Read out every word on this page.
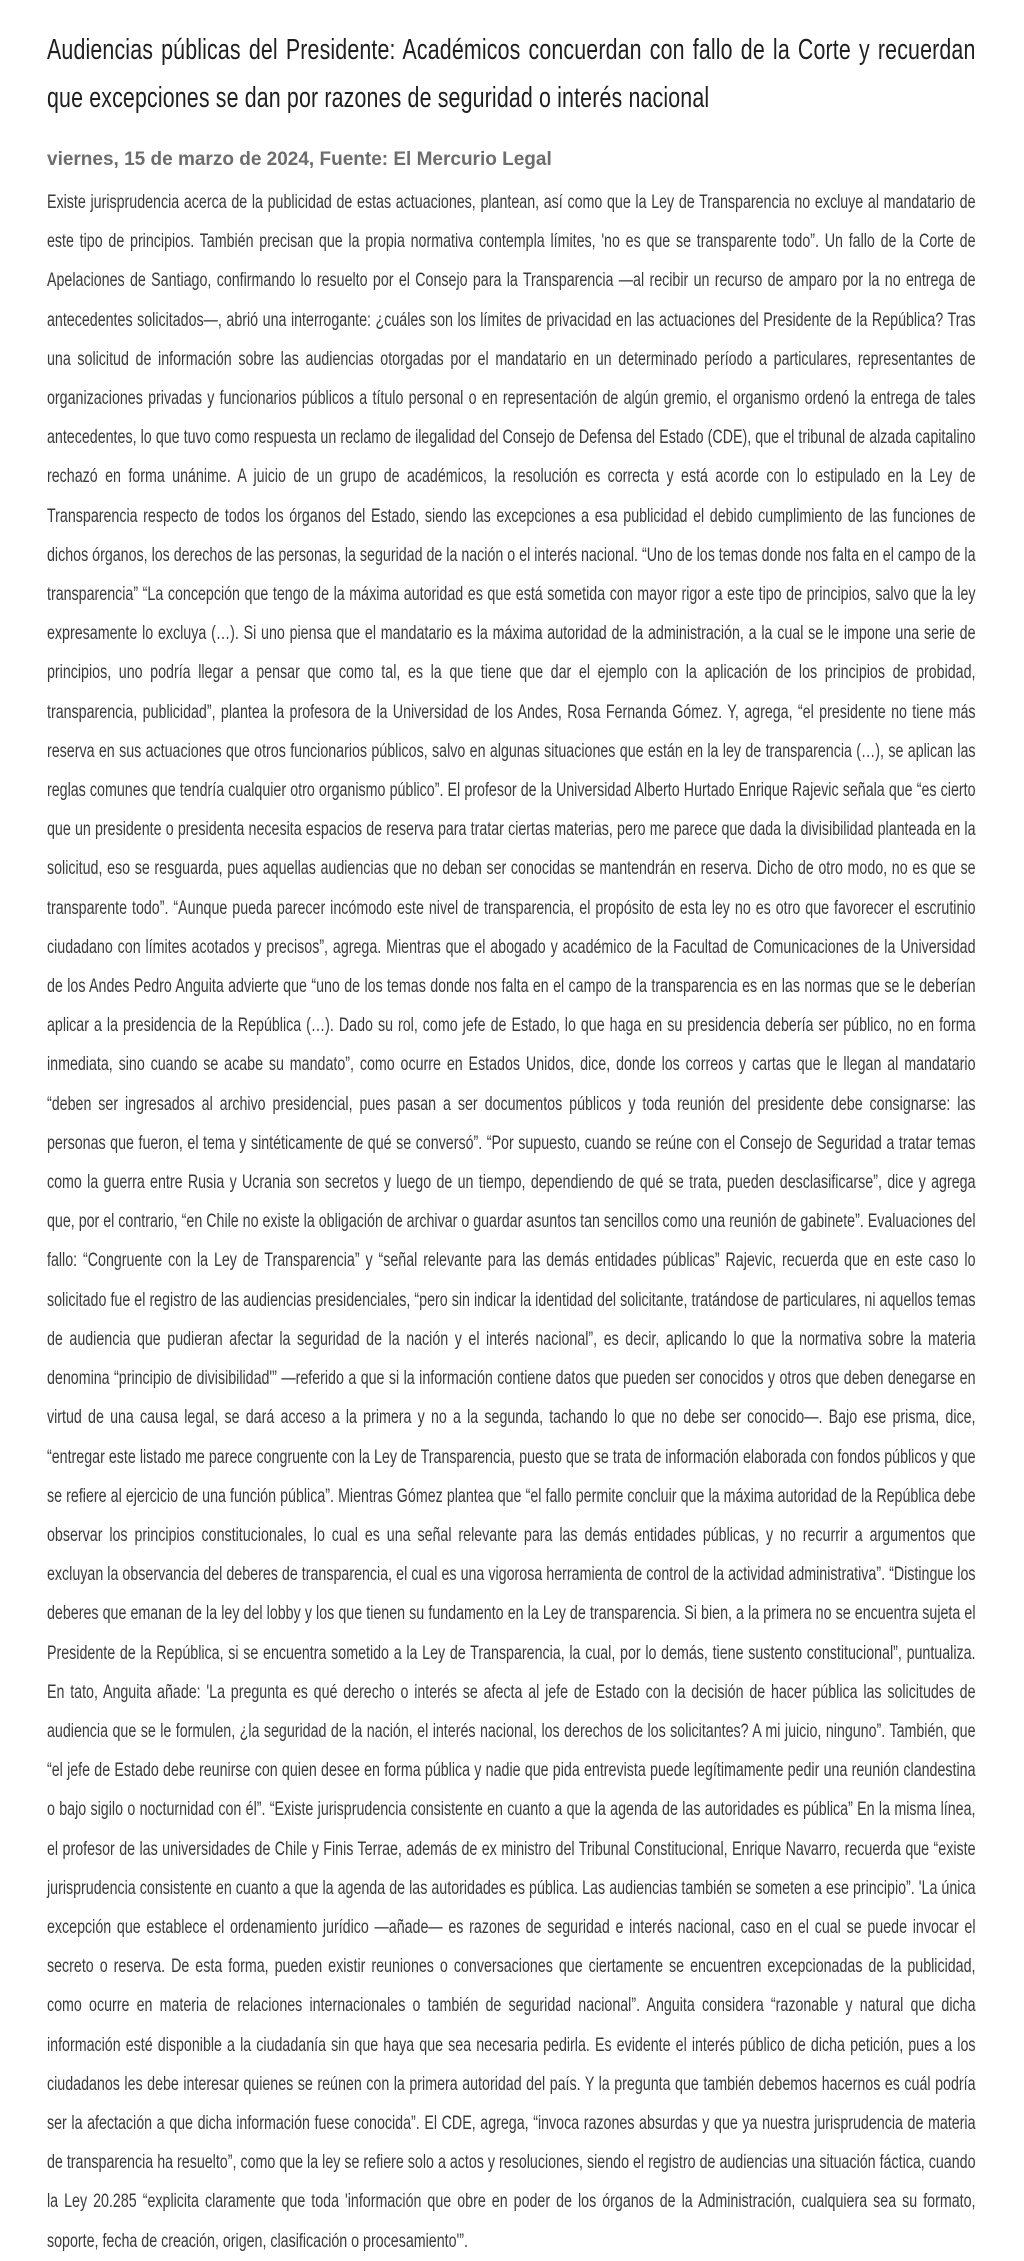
Audiencias públicas del Presidente: Académicos concuerdan con fallo de la Corte y recuerdan que excepciones se dan por razones de seguridad o interés nacional
viernes, 15 de marzo de 2024, Fuente: El Mercurio Legal

Existe jurisprudencia acerca de la publicidad de estas actuaciones, plantean, así como que la Ley de Transparencia no excluye al mandatario de este tipo de principios. También precisan que la propia normativa contempla límites, 'no es que se transparente todo”. Un fallo de la Corte de Apelaciones de Santiago, confirmando lo resuelto por el Consejo para la Transparencia —al recibir un recurso de amparo por la no entrega de antecedentes solicitados—, abrió una interrogante: ¿cuáles son los límites de privacidad en las actuaciones del Presidente de la República? Tras una solicitud de información sobre las audiencias otorgadas por el mandatario en un determinado período a particulares, representantes de organizaciones privadas y funcionarios públicos a título personal o en representación de algún gremio, el organismo ordenó la entrega de tales antecedentes, lo que tuvo como respuesta un reclamo de ilegalidad del Consejo de Defensa del Estado (CDE), que el tribunal de alzada capitalino rechazó en forma unánime. A juicio de un grupo de académicos, la resolución es correcta y está acorde con lo estipulado en la Ley de Transparencia respecto de todos los órganos del Estado, siendo las excepciones a esa publicidad el debido cumplimiento de las funciones de dichos órganos, los derechos de las personas, la seguridad de la nación o el interés nacional. “Uno de los temas donde nos falta en el campo de la transparencia” “La concepción que tengo de la máxima autoridad es que está sometida con mayor rigor a este tipo de principios, salvo que la ley expresamente lo excluya (…). Si uno piensa que el mandatario es la máxima autoridad de la administración, a la cual se le impone una serie de principios, uno podría llegar a pensar que como tal, es la que tiene que dar el ejemplo con la aplicación de los principios de probidad, transparencia, publicidad”, plantea la profesora de la Universidad de los Andes, Rosa Fernanda Gómez. Y, agrega, “el presidente no tiene más reserva en sus actuaciones que otros funcionarios públicos, salvo en algunas situaciones que están en la ley de transparencia (…), se aplican las reglas comunes que tendría cualquier otro organismo público”. El profesor de la Universidad Alberto Hurtado Enrique Rajevic señala que “es cierto que un presidente o presidenta necesita espacios de reserva para tratar ciertas materias, pero me parece que dada la divisibilidad planteada en la solicitud, eso se resguarda, pues aquellas audiencias que no deban ser conocidas se mantendrán en reserva. Dicho de otro modo, no es que se transparente todo”. “Aunque pueda parecer incómodo este nivel de transparencia, el propósito de esta ley no es otro que favorecer el escrutinio ciudadano con límites acotados y precisos”, agrega. Mientras que el abogado y académico de la Facultad de Comunicaciones de la Universidad de los Andes Pedro Anguita advierte que “uno de los temas donde nos falta en el campo de la transparencia es en las normas que se le deberían aplicar a la presidencia de la República (…). Dado su rol, como jefe de Estado, lo que haga en su presidencia debería ser público, no en forma inmediata, sino cuando se acabe su mandato”, como ocurre en Estados Unidos, dice, donde los correos y cartas que le llegan al mandatario “deben ser ingresados al archivo presidencial, pues pasan a ser documentos públicos y toda reunión del presidente debe consignarse: las personas que fueron, el tema y sintéticamente de qué se conversó”. “Por supuesto, cuando se reúne con el Consejo de Seguridad a tratar temas como la guerra entre Rusia y Ucrania son secretos y luego de un tiempo, dependiendo de qué se trata, pueden desclasificarse”, dice y agrega que, por el contrario, “en Chile no existe la obligación de archivar o guardar asuntos tan sencillos como una reunión de gabinete”. Evaluaciones del fallo: “Congruente con la Ley de Transparencia” y “señal relevante para las demás entidades públicas” Rajevic, recuerda que en este caso lo solicitado fue el registro de las audiencias presidenciales, “pero sin indicar la identidad del solicitante, tratándose de particulares, ni aquellos temas de audiencia que pudieran afectar la seguridad de la nación y el interés nacional”, es decir, aplicando lo que la normativa sobre la materia denomina “principio de divisibilidad'” —referido a que si la información contiene datos que pueden ser conocidos y otros que deben denegarse en virtud de una causa legal, se dará acceso a la primera y no a la segunda, tachando lo que no debe ser conocido—. Bajo ese prisma, dice, “entregar este listado me parece congruente con la Ley de Transparencia, puesto que se trata de información elaborada con fondos públicos y que se refiere al ejercicio de una función pública”. Mientras Gómez plantea que “el fallo permite concluir que la máxima autoridad de la República debe observar los principios constitucionales, lo cual es una señal relevante para las demás entidades públicas, y no recurrir a argumentos que excluyan la observancia del deberes de transparencia, el cual es una vigorosa herramienta de control de la actividad administrativa”. “Distingue los deberes que emanan de la ley del lobby y los que tienen su fundamento en la Ley de transparencia. Si bien, a la primera no se encuentra sujeta el Presidente de la República, si se encuentra sometido a la Ley de Transparencia, la cual, por lo demás, tiene sustento constitucional”, puntualiza. En tato, Anguita añade: 'La pregunta es qué derecho o interés se afecta al jefe de Estado con la decisión de hacer pública las solicitudes de audiencia que se le formulen, ¿la seguridad de la nación, el interés nacional, los derechos de los solicitantes? A mi juicio, ninguno”. También, que “el jefe de Estado debe reunirse con quien desee en forma pública y nadie que pida entrevista puede legítimamente pedir una reunión clandestina o bajo sigilo o nocturnidad con él”. “Existe jurisprudencia consistente en cuanto a que la agenda de las autoridades es pública” En la misma línea, el profesor de las universidades de Chile y Finis Terrae, además de ex ministro del Tribunal Constitucional, Enrique Navarro, recuerda que “existe jurisprudencia consistente en cuanto a que la agenda de las autoridades es pública. Las audiencias también se someten a ese principio”. 'La única excepción que establece el ordenamiento jurídico —añade— es razones de seguridad e interés nacional, caso en el cual se puede invocar el secreto o reserva. De esta forma, pueden existir reuniones o conversaciones que ciertamente se encuentren excepcionadas de la publicidad, como ocurre en materia de relaciones internacionales o también de seguridad nacional”. Anguita considera “razonable y natural que dicha información esté disponible a la ciudadanía sin que haya que sea necesaria pedirla. Es evidente el interés público de dicha petición, pues a los ciudadanos les debe interesar quienes se reúnen con la primera autoridad del país. Y la pregunta que también debemos hacernos es cuál podría ser la afectación a que dicha información fuese conocida”. El CDE, agrega, “invoca razones absurdas y que ya nuestra jurisprudencia de materia de transparencia ha resuelto”, como que la ley se refiere solo a actos y resoluciones, siendo el registro de audiencias una situación fáctica, cuando la Ley 20.285 “explicita claramente que toda 'información que obre en poder de los órganos de la Administración, cualquiera sea su formato, soporte, fecha de creación, origen, clasificación o procesamiento'”.
